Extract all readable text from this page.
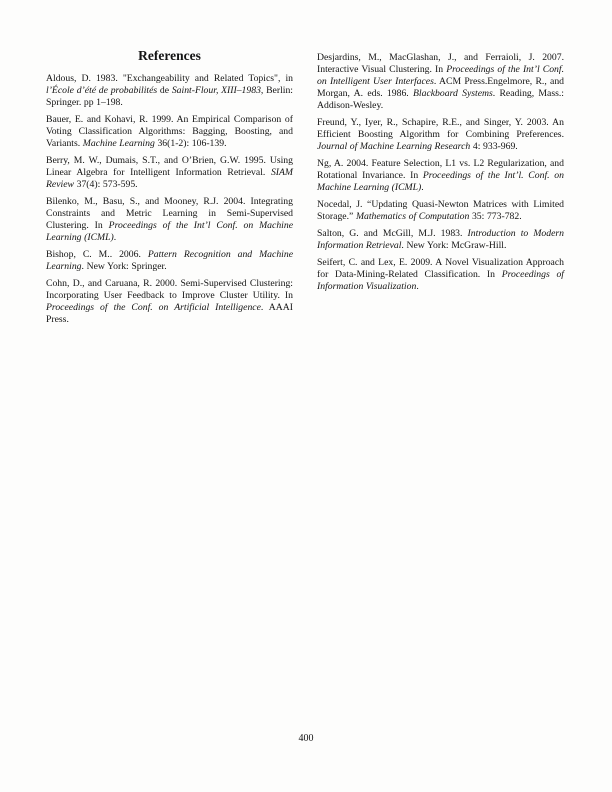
References

Aldous, D. 1983. "Exchangeability and Related Topics", in l’École d’été de probabilités de Saint-Flour, XIII–1983, Berlin: Springer. pp 1–198.

Bauer, E. and Kohavi, R. 1999. An Empirical Comparison of Voting Classification Algorithms: Bagging, Boosting, and Variants. Machine Learning 36(1-2): 106-139.

Berry, M. W., Dumais, S.T., and O’Brien, G.W. 1995. Using Linear Algebra for Intelligent Information Retrieval. SIAM Review 37(4): 573-595.

Bilenko, M., Basu, S., and Mooney, R.J. 2004. Integrating Constraints and Metric Learning in Semi-Supervised Clustering. In Proceedings of the Int’l Conf. on Machine Learning (ICML).

Bishop, C. M.. 2006. Pattern Recognition and Machine Learning. New York: Springer.

Cohn, D., and Caruana, R. 2000. Semi-Supervised Clustering: Incorporating User Feedback to Improve Cluster Utility. In Proceedings of the Conf. on Artificial Intelligence. AAAI Press.

Desjardins, M., MacGlashan, J., and Ferraioli, J. 2007. Interactive Visual Clustering. In Proceedings of the Int’l Conf. on Intelligent User Interfaces. ACM Press.Engelmore, R., and Morgan, A. eds. 1986. Blackboard Systems. Reading, Mass.: Addison-Wesley.

Freund, Y., Iyer, R., Schapire, R.E., and Singer, Y. 2003. An Efficient Boosting Algorithm for Combining Preferences. Journal of Machine Learning Research 4: 933-969.

Ng, A. 2004. Feature Selection, L1 vs. L2 Regularization, and Rotational Invariance. In Proceedings of the Int’l. Conf. on Machine Learning (ICML).

Nocedal, J. “Updating Quasi-Newton Matrices with Limited Storage.” Mathematics of Computation 35: 773-782.

Salton, G. and McGill, M.J. 1983. Introduction to Modern Information Retrieval. New York: McGraw-Hill.

Seifert, C. and Lex, E. 2009. A Novel Visualization Approach for Data-Mining-Related Classification. In Proceedings of Information Visualization.

400
